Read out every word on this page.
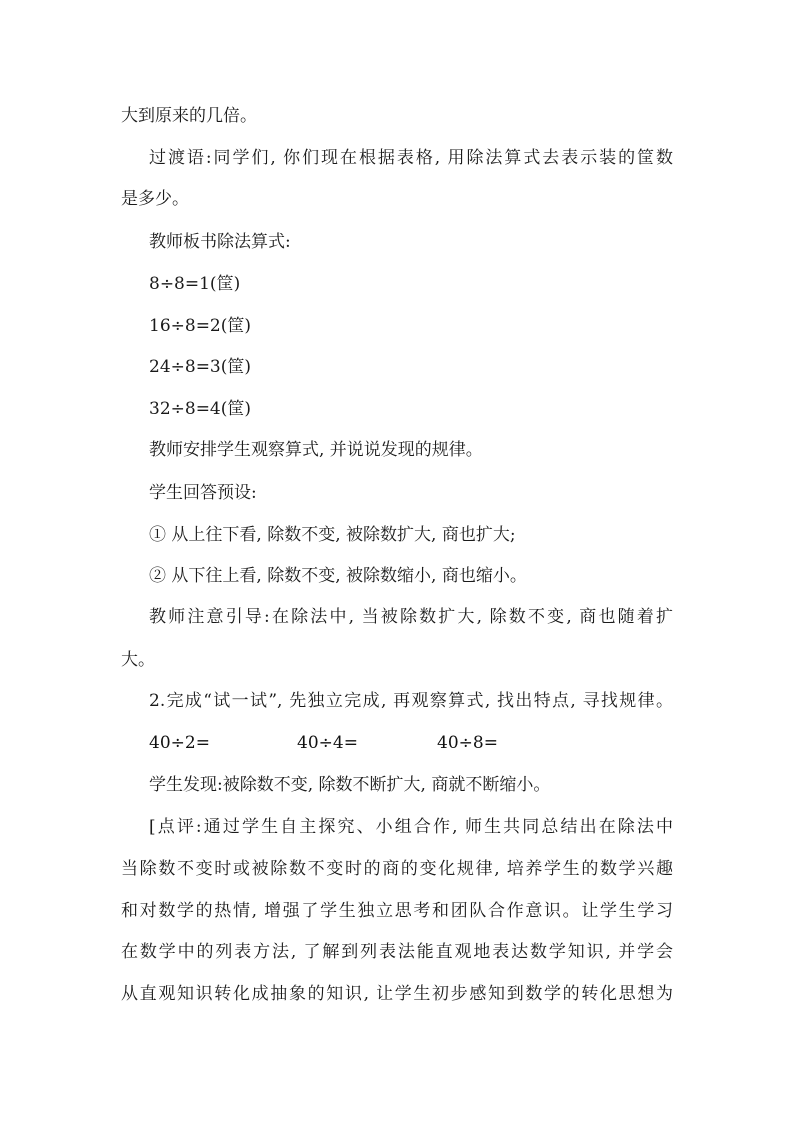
大到原来的几倍。
过渡语:同学们, 你们现在根据表格, 用除法算式去表示装的筐数
是多少。
教师板书除法算式:
8÷8=1(筐)
16÷8=2(筐)
24÷8=3(筐)
32÷8=4(筐)
教师安排学生观察算式, 并说说发现的规律。
学生回答预设:
① 从上往下看, 除数不变, 被除数扩大, 商也扩大;
② 从下往上看, 除数不变, 被除数缩小, 商也缩小。
教师注意引导:在除法中, 当被除数扩大, 除数不变, 商也随着扩
大。
2.完成“试一试”, 先独立完成, 再观察算式, 找出特点, 寻找规律。
40÷2=	40÷4=	40÷8=
学生发现:被除数不变, 除数不断扩大, 商就不断缩小。
[点评:通过学生自主探究、小组合作, 师生共同总结出在除法中
当除数不变时或被除数不变时的商的变化规律, 培养学生的数学兴趣
和对数学的热情, 增强了学生独立思考和团队合作意识。让学生学习
在数学中的列表方法, 了解到列表法能直观地表达数学知识, 并学会
从直观知识转化成抽象的知识, 让学生初步感知到数学的转化思想为
